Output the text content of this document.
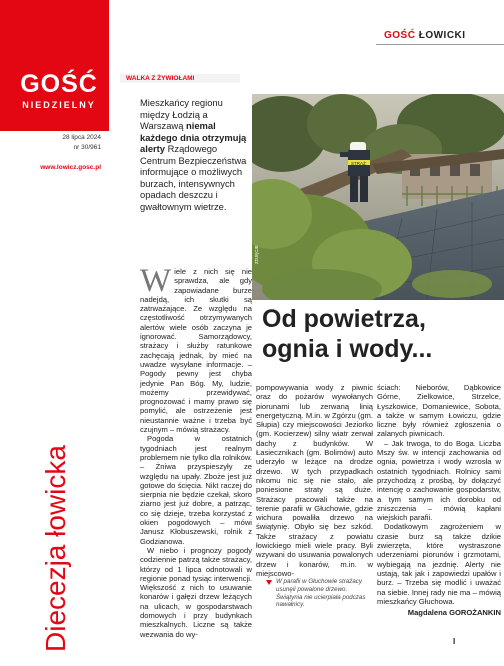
GOŚĆ
NIEDZIELNY
28 lipca 2024
nr 30/961
www.lowicz.gosc.pl
Diecezja łowicka
GOŚĆ ŁOWICKI
WALKA Z ŻYWIOŁAMI
Mieszkańcy regionu między Łodzią a Warszawą niemal każdego dnia otrzymują alerty Rządowego Centrum Bezpieczeństwa informujące o możliwych burzach, intensywnych opadach deszczu i gwałtownym wietrze.
STRAŻ
ZDJĘCIE
Od powietrza,
ognia i wody...

Wiele z nich się nie sprawdza, ale gdy zapowiadane burze nadejdą, ich skutki są zatrważające. Ze względu na częstotliwość otrzymywanych alertów wiele osób zaczyna je ignorować. Samorządowcy, strażacy i służby ratunkowe zachęcają jednak, by mieć na uwadze wysyłane informacje. – Pogody pewny jest chyba jedynie Pan Bóg. My, ludzie, możemy przewidywać, prognozować i mamy prawo się pomylić, ale ostrzeżenie jest nieustannie ważne i trzeba być czujnym – mówią strażacy.

Pogoda w ostatnich tygodniach jest realnym problemem nie tylko dla rolników. – Żniwa przyspieszyły ze względu na upały. Zboże jest już gotowe do ścięcia. Nikt raczej do sierpnia nie będzie czekał, skoro ziarno jest już dobre, a patrząc, co się dzieje, trzeba korzystać z okien pogodowych – mówi Janusz Kłobuszewski, rolnik z Godzianowa.

W niebo i prognozy pogody codziennie patrzą także strażacy, którzy od 1 lipca odnotowali w regionie ponad tysiąc interwencji. Większość z nich to usuwanie konarów i gałęzi drzew leżących na ulicach, w gospodarstwach domowych i przy budynkach mieszkalnych. Liczne są także wezwania do wy-

pompowywania wody z piwnic oraz do pożarów wywołanych piorunami lub zerwaną linią energetyczną. M.in. w Zgórzu (gm. Słupia) czy miejscowości Jeziorko (gm. Kocierzew) silny wiatr zerwał dachy z budynków. W Łasiecznikach (gm. Bolimów) auto uderzyło w leżące na drodze drzewo. W tych przypadkach nikomu nic się nie stało, ale poniesione straty są duże. Strażacy pracowali także na terenie parafii w Głuchowie, gdzie wichura powaliła drzewo na świątynię. Obyło się bez szkód. Także strażacy z powiatu łowickiego mieli wiele pracy. Byli wzywani do usuwania powalonych drzew i konarów, m.in. w miejscowo-

W parafii w Głuchowie strażacy usunęli powalone drzewo. Świątynia nie ucierpiała podczas nawałnicy.

ściach: Nieborów, Dąbkowice Górne, Zielkowice, Strzelce, Łyszkowice, Domaniewice, Sobota, a także w samym Łowiczu, gdzie liczne były również zgłoszenia o zalanych piwnicach.

– Jak trwoga, to do Boga. Liczba Mszy św. w intencji zachowania od ognia, powietrza i wody wzrosła w ostatnich tygodniach. Rolnicy sami przychodzą z prośbą, by dołączyć intencję o zachowanie gospodarstw, a tym samym ich dorobku od zniszczenia – mówią kapłani wiejskich parafii.

Dodatkowym zagrożeniem w czasie burz są także dzikie zwierzęta, które wystraszone uderzeniami piorunów i grzmotami, wybiegają na jezdnię. Alerty nie ustają, tak jak i zapowiedzi upałów i burz. – Trzeba się modlić i uważać na siebie. Innej rady nie ma – mówią mieszkańcy Głuchowa.

Magdalena GOROŻANKIN

I
